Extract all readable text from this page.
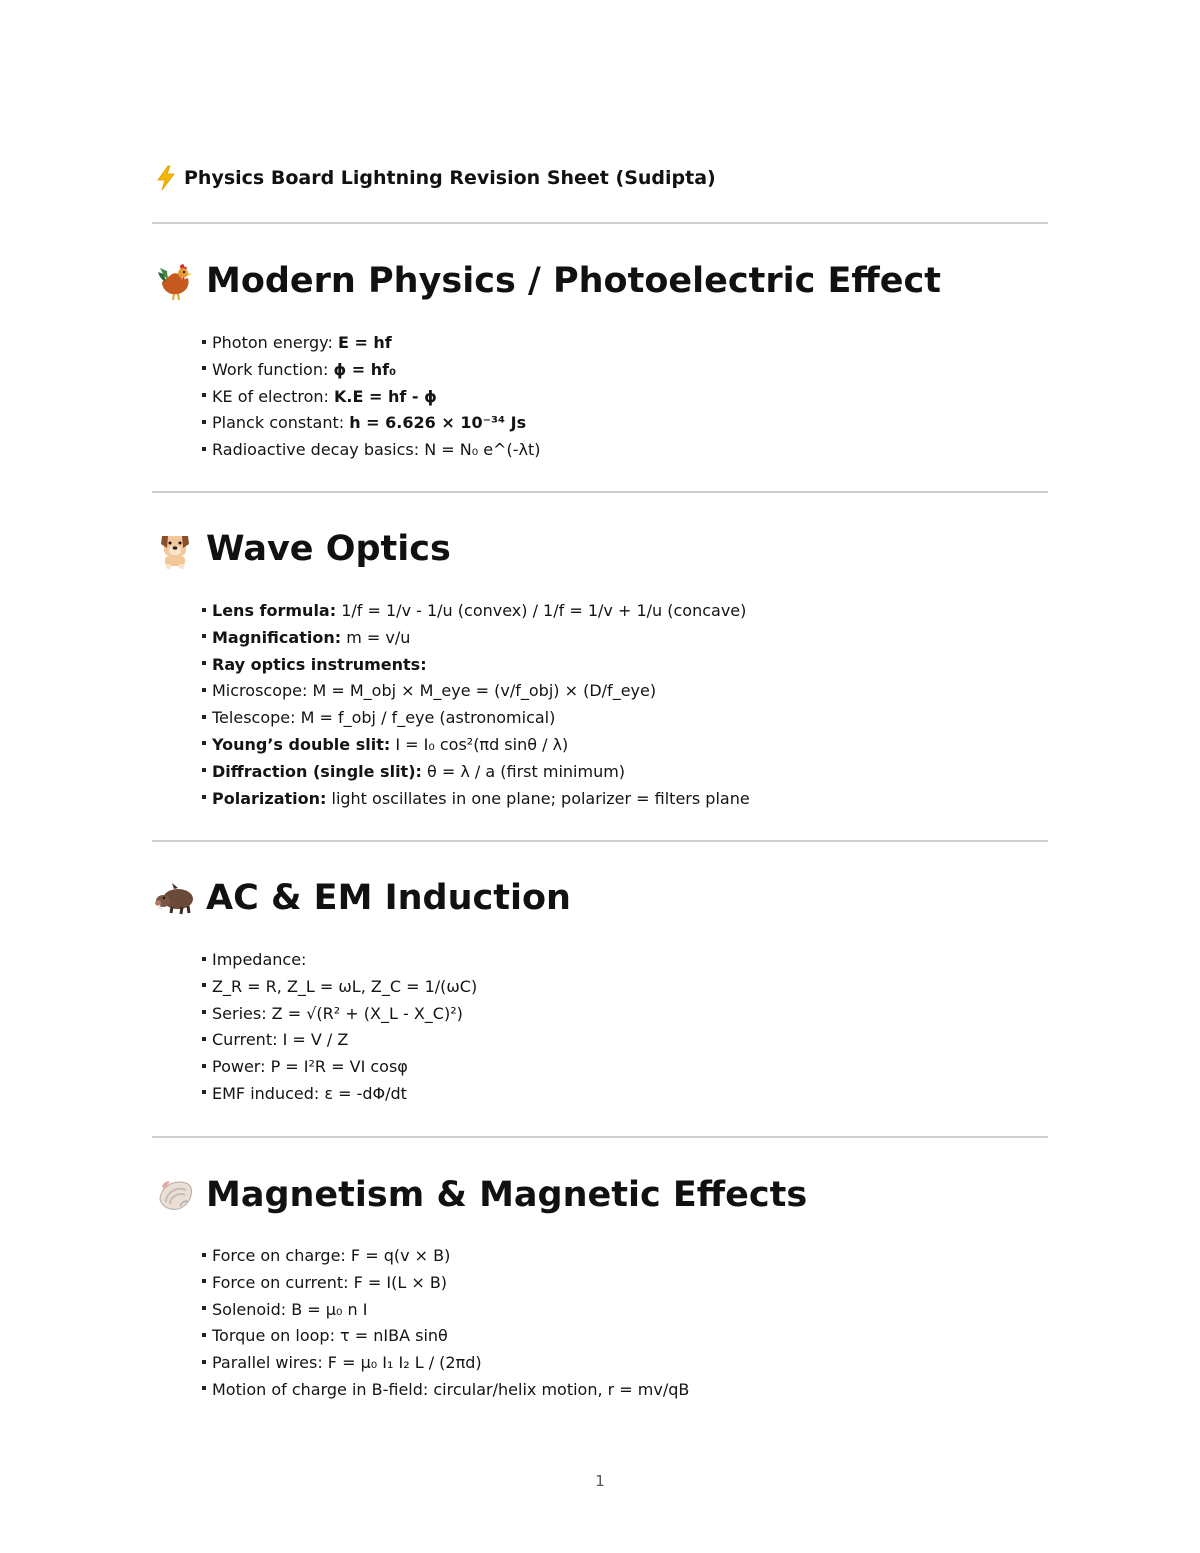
Physics Board Lightning Revision Sheet (Sudipta)
Modern Physics / Photoelectric Effect
Photon energy: E = hf
Work function: ϕ = hf₀
KE of electron: K.E = hf - ϕ
Planck constant: h = 6.626 × 10⁻³⁴ Js
Radioactive decay basics: N = N₀ e^(-λt)
Wave Optics
Lens formula: 1/f = 1/v - 1/u (convex) / 1/f = 1/v + 1/u (concave)
Magnification: m = v/u
Ray optics instruments:
Microscope: M = M_obj × M_eye = (v/f_obj) × (D/f_eye)
Telescope: M = f_obj / f_eye (astronomical)
Young’s double slit: I = I₀ cos²(πd sinθ / λ)
Diffraction (single slit): θ = λ / a (first minimum)
Polarization: light oscillates in one plane; polarizer = filters plane
AC & EM Induction
Impedance:
Z_R = R, Z_L = ωL, Z_C = 1/(ωC)
Series: Z = √(R² + (X_L - X_C)²)
Current: I = V / Z
Power: P = I²R = VI cosφ
EMF induced: ε = -dΦ/dt
Magnetism & Magnetic Effects
Force on charge: F = q(v × B)
Force on current: F = I(L × B)
Solenoid: B = μ₀ n I
Torque on loop: τ = nIBA sinθ
Parallel wires: F = μ₀ I₁ I₂ L / (2πd)
Motion of charge in B-field: circular/helix motion, r = mv/qB
1
